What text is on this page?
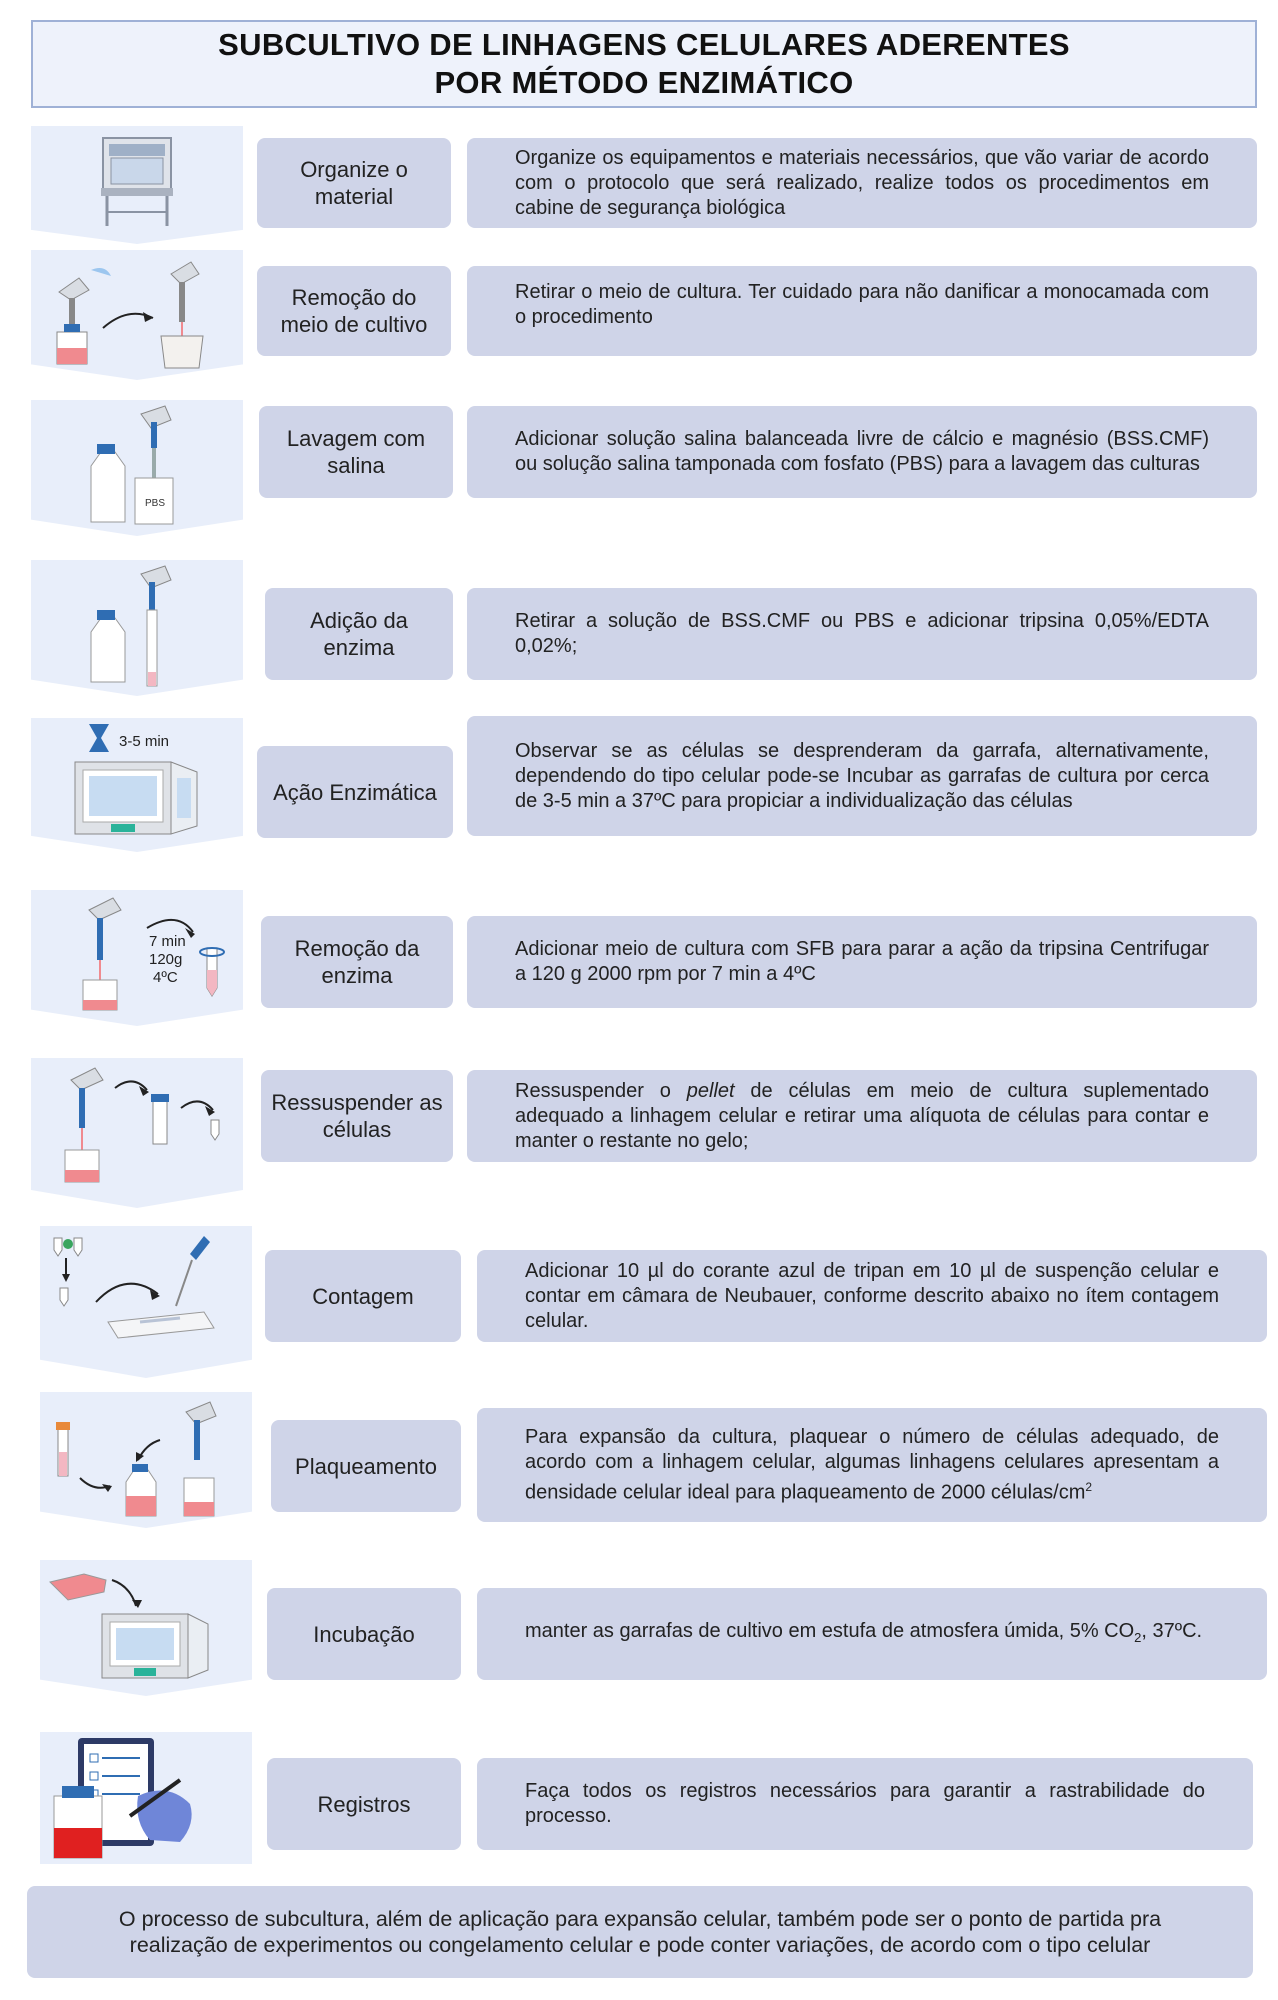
SUBCULTIVO DE LINHAGENS CELULARES ADERENTES
POR MÉTODO ENZIMÁTICO
Organize o material
Organize os equipamentos e materiais necessários, que vão variar de acordo com o protocolo que será realizado, realize todos os procedimentos em cabine de segurança biológica
Remoção do meio de cultivo
Retirar o meio de cultura. Ter cuidado para não danificar a monocamada com o procedimento
PBS
Lavagem com salina
Adicionar solução salina balanceada livre de cálcio e magnésio (BSS.CMF) ou solução salina tamponada com fosfato (PBS) para a lavagem das culturas
Adição da enzima
Retirar a solução de BSS.CMF ou PBS e adicionar tripsina 0,05%/EDTA 0,02%;
3-5 min
Ação Enzimática
Observar se as células se desprenderam da garrafa, alternativamente, dependendo do tipo celular pode-se Incubar as garrafas de cultura por cerca de 3-5 min a 37ºC para propiciar a individualização das células
7 min
120g
4ºC
Remoção da enzima
Adicionar meio de cultura com SFB para parar a ação da tripsina Centrifugar a 120 g 2000 rpm por 7 min a 4ºC
Ressuspender as células
Ressuspender o pellet de células em meio de cultura suplementado adequado a linhagem celular e retirar uma alíquota de células para contar e manter o restante no gelo;
Contagem
Adicionar 10 µl do corante azul de tripan em 10 µl de suspenção celular e contar em câmara de Neubauer, conforme descrito abaixo no ítem contagem celular.
Plaqueamento
Para expansão da cultura, plaquear o número de células adequado, de acordo com a linhagem celular, algumas linhagens celulares apresentam a densidade celular ideal para plaqueamento de 2000 células/$cm^2$
Incubação	manter as garrafas de cultivo em estufa de atmosfera úmida, 5% $CO_2$, 37ºC.
Registros
Faça todos os registros necessários para garantir a rastrabilidade do processo.
O processo de subcultura, além de aplicação para expansão celular, também pode ser o ponto de partida pra realização de experimentos ou congelamento celular e pode conter variações, de acordo com o tipo celular
